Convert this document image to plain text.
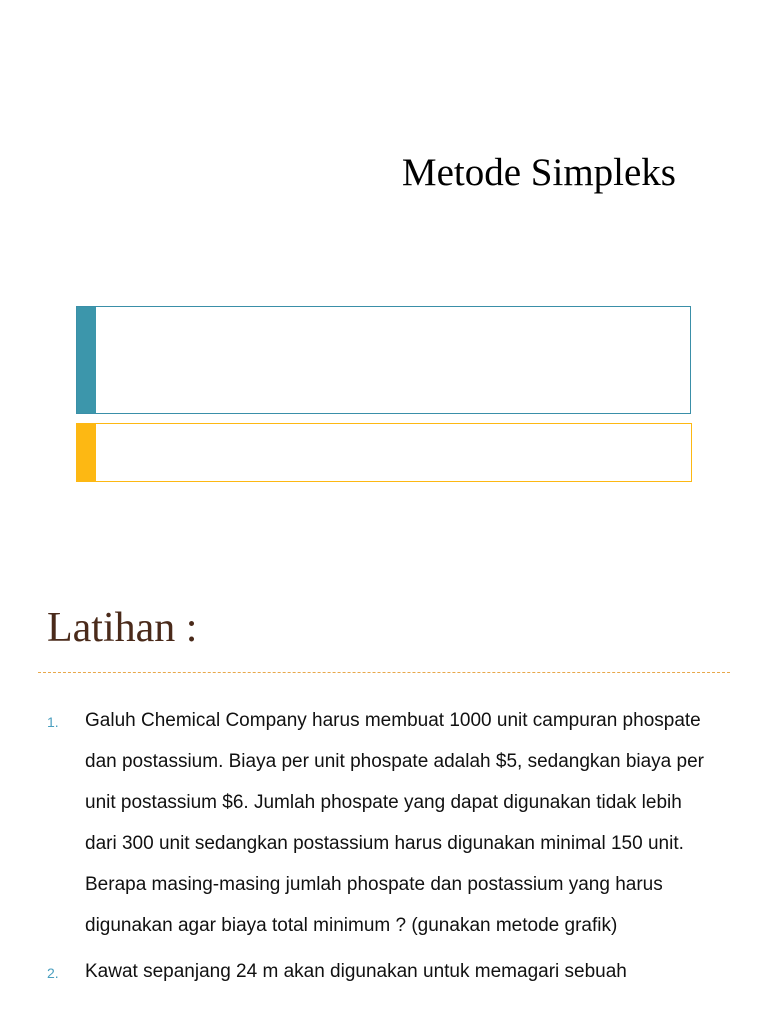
Metode Simpleks
Latihan :
1. Galuh Chemical Company harus membuat 1000 unit campuran phospate dan postassium. Biaya per unit phospate adalah $5, sedangkan biaya per unit postassium $6. Jumlah phospate yang dapat digunakan tidak lebih dari 300 unit sedangkan postassium harus digunakan minimal 150 unit. Berapa masing-masing jumlah phospate dan postassium yang harus digunakan agar biaya total minimum ? (gunakan metode grafik)
2. Kawat sepanjang 24 m akan digunakan untuk memagari sebuah
